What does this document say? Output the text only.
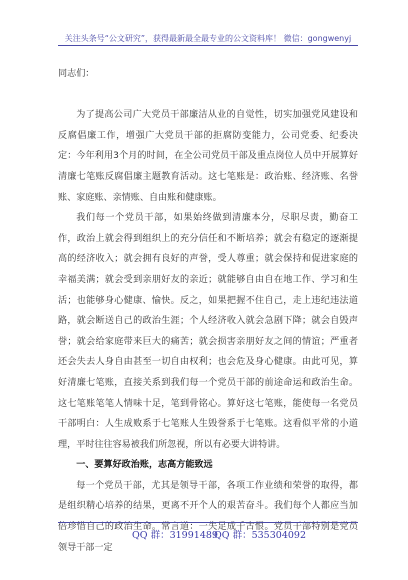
关注头条号“公文研究”，获得最新最全最专业的公文资料库！ 微信：gongwenyj

同志们：

为了提高公司广大党员干部廉洁从业的自觉性，切实加强党风建设和反腐倡廉工作，增强广大党员干部的拒腐防变能力，公司党委、纪委决定：今年利用3个月的时间，在全公司党员干部及重点岗位人员中开展算好清廉七笔账反腐倡廉主题教育活动。这七笔账是：政治账、经济账、名誉账、家庭账、亲情账、自由账和健康账。

我们每一个党员干部，如果始终做到清廉本分，尽职尽责，勤奋工作，政治上就会得到组织上的充分信任和不断培养；就会有稳定的逐渐提高的经济收入；就会拥有良好的声誉，受人尊重；就会保持和促进家庭的幸福美满；就会受到亲朋好友的亲近；就能够自由自在地工作、学习和生活；也能够身心健康、愉快。反之，如果把握不住自己，走上违纪违法道路，就会断送自己的政治生涯；个人经济收入就会急剧下降；就会自毁声誉；就会给家庭带来巨大的痛苦；就会损害亲朋好友之间的情谊；严重者还会失去人身自由甚至一切自由权利；也会危及身心健康。由此可见，算好清廉七笔账，直接关系到我们每一个党员干部的前途命运和政治生命。这七笔账笔笔人情味十足，笔到骨铭心。算好这七笔账，能使每一名党员干部明白：人生成败系于七笔账人生毁誉系于七笔账。这看似平常的小道理，平时往往容易被我们所忽视，所以有必要大讲特讲。

一、要算好政治账，志高方能致远

每一个党员干部，尤其是领导干部，各项工作业绩和荣誉的取得，都是组织精心培养的结果，更离不开个人的艰苦奋斗。我们每个人都应当加倍珍惜自己的政治生命。常言道：一失足成千古恨。党员干部特别是党员领导干部一定

QQ 群：31991489
QQ 群：535304092
